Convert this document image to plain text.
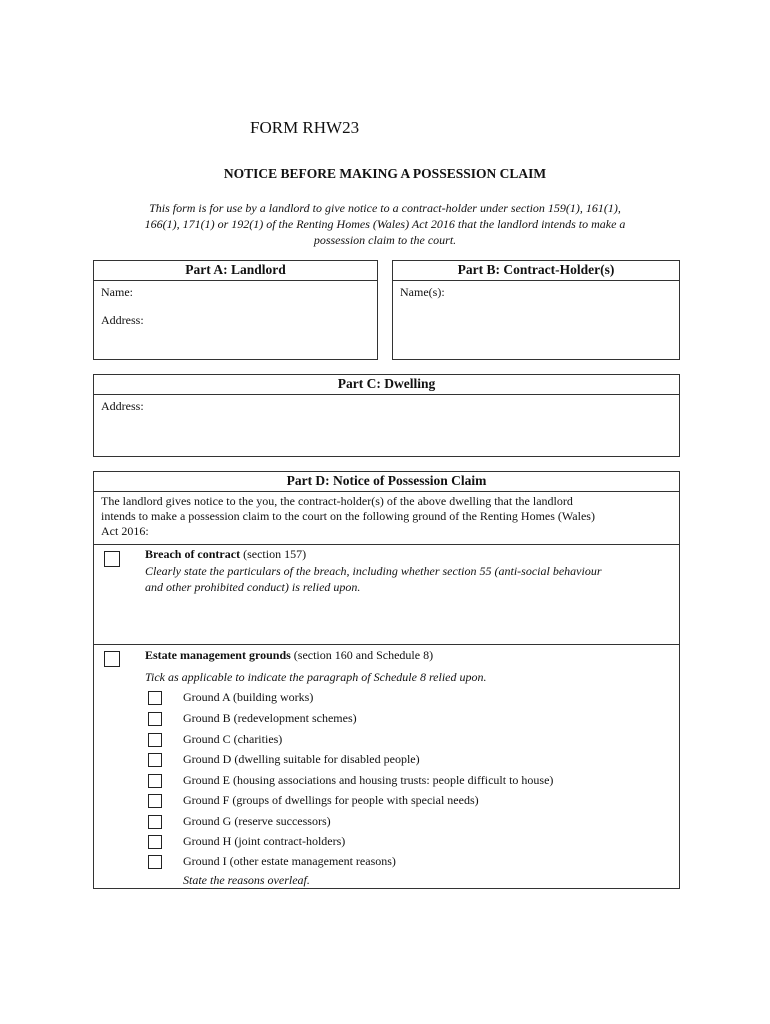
FORM RHW23
NOTICE BEFORE MAKING A POSSESSION CLAIM
This form is for use by a landlord to give notice to a contract-holder under section 159(1), 161(1),
166(1), 171(1) or 192(1) of the Renting Homes (Wales) Act 2016 that the landlord intends to make a
possession claim to the court.
Part A: Landlord
Name:
Address:
Part B: Contract-Holder(s)
Name(s):
Part C: Dwelling
Address:
Part D: Notice of Possession Claim
The landlord gives notice to the you, the contract-holder(s) of the above dwelling that the landlord
intends to make a possession claim to the court on the following ground of the Renting Homes (Wales)
Act 2016:
Breach of contract (section 157)
Clearly state the particulars of the breach, including whether section 55 (anti-social behaviour
and other prohibited conduct) is relied upon.
Estate management grounds (section 160 and Schedule 8)
Tick as applicable to indicate the paragraph of Schedule 8 relied upon.
Ground A (building works)
Ground B (redevelopment schemes)
Ground C (charities)
Ground D (dwelling suitable for disabled people)
Ground E (housing associations and housing trusts: people difficult to house)
Ground F (groups of dwellings for people with special needs)
Ground G (reserve successors)
Ground H (joint contract-holders)
Ground I (other estate management reasons)
State the reasons overleaf.
